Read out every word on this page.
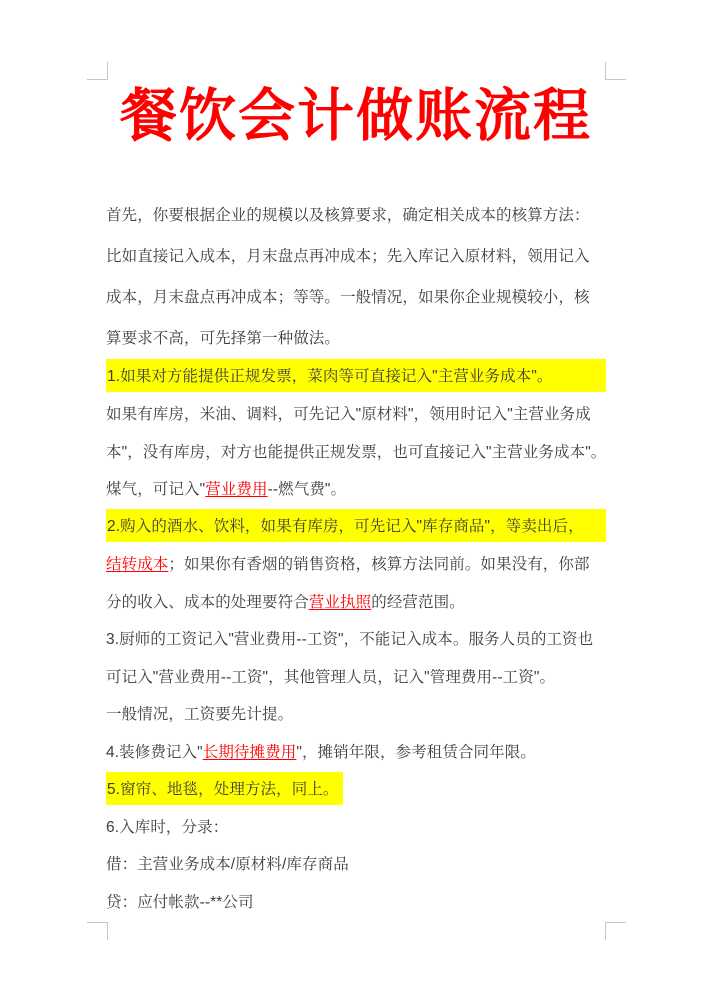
餐饮会计做账流程
首先，你要根据企业的规模以及核算要求，确定相关成本的核算方法：
比如直接记入成本，月末盘点再冲成本；先入库记入原材料，领用记入
成本，月末盘点再冲成本；等等。一般情况，如果你企业规模较小，核
算要求不高，可先择第一种做法。
1.如果对方能提供正规发票，菜肉等可直接记入"主营业务成本"。
如果有库房，米油、调料，可先记入"原材料"，领用时记入"主营业务成
本"，没有库房，对方也能提供正规发票，也可直接记入"主营业务成本"。
煤气，可记入"营业费用--燃气费"。
2.购入的酒水、饮料，如果有库房，可先记入"库存商品"，等卖出后，
结转成本；如果你有香烟的销售资格，核算方法同前。如果没有，你部
分的收入、成本的处理要符合营业执照的经营范围。
3.厨师的工资记入"营业费用--工资"，不能记入成本。服务人员的工资也
可记入"营业费用--工资"，其他管理人员，记入"管理费用--工资"。
一般情况，工资要先计提。
4.装修费记入"长期待摊费用"，摊销年限，参考租赁合同年限。
5.窗帘、地毯，处理方法，同上。
6.入库时，分录：
借：主营业务成本/原材料/库存商品
贷：应付帐款--**公司
